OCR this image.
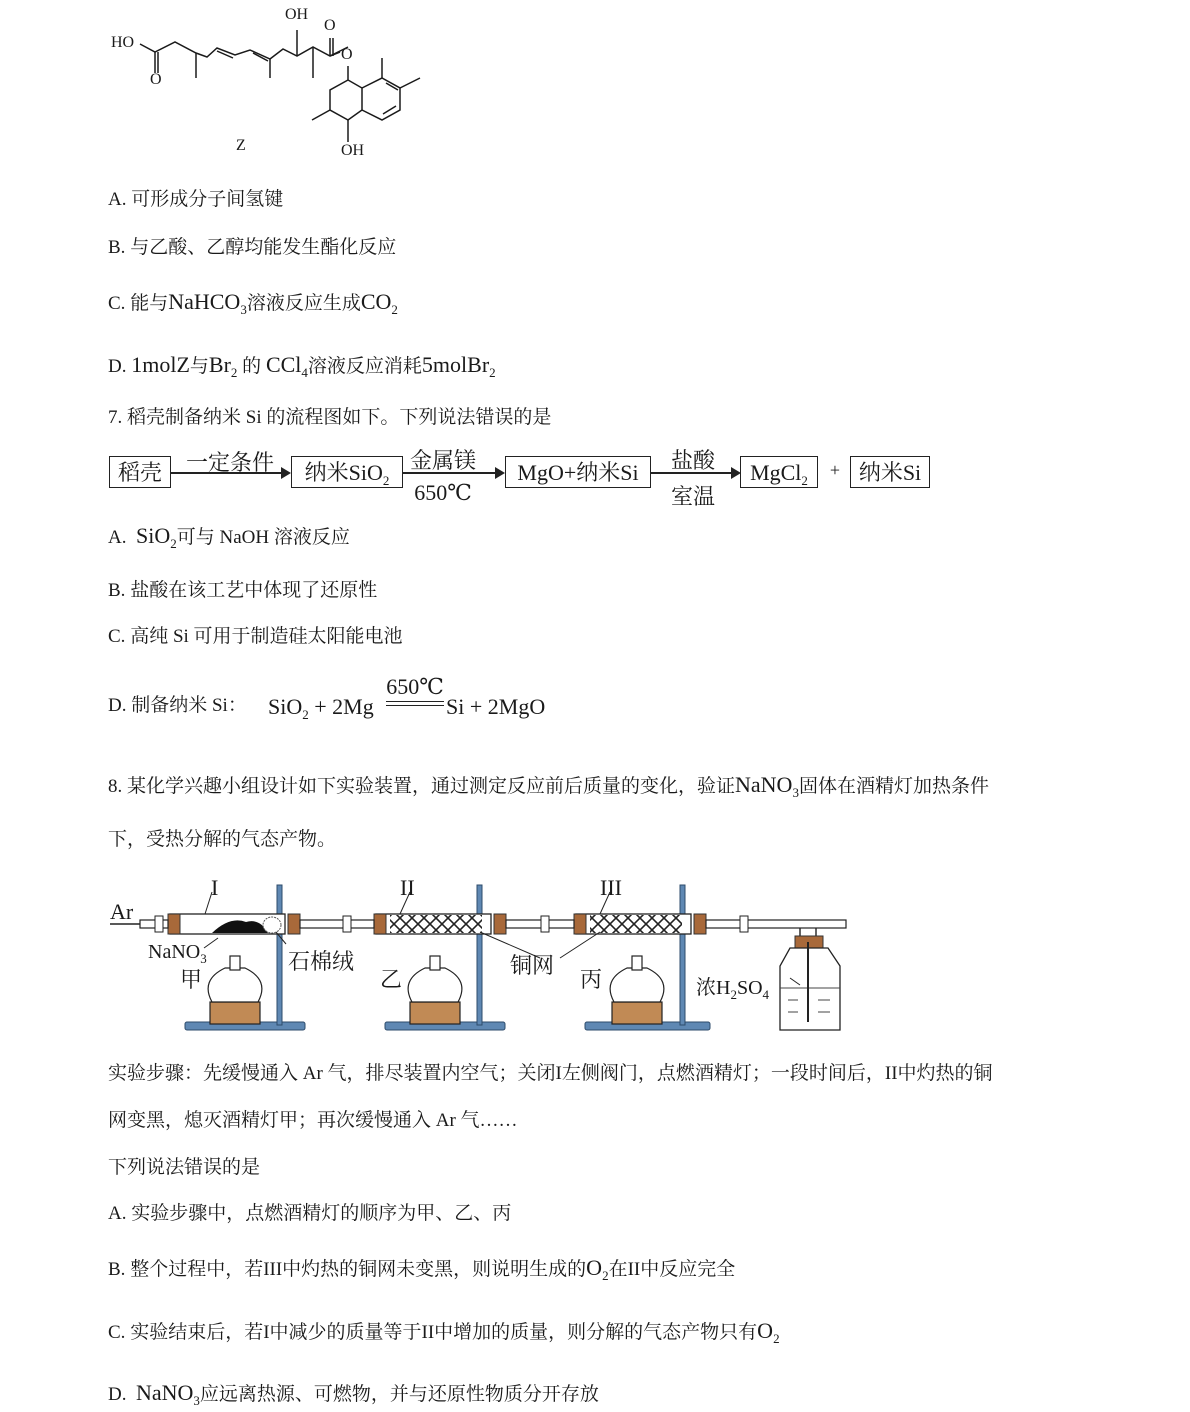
HO
OH
O
O
O
OH
Z
A. 可形成分子间氢键
B. 与乙酸、乙醇均能发生酯化反应
C. 能与NaHCO$_3$溶液反应生成$CO_2$
D. 1molZ与$Br_2$ 的 CCl$_4$溶液反应消耗5molBr$_2$
7. 稻壳制备纳米 Si 的流程图如下。下列说法错误的是
稻壳	一定条件	纳米SiO$_2$
金属镁
650℃
MgO+纳米Si	盐酸
室温
MgCl$_2$
+ 纳米Si
A. SiO$_2$可与 NaOH 溶液反应
B. 盐酸在该工艺中体现了还原性
C. 高纯 Si 可用于制造硅太阳能电池
D. 制备纳米 Si： SiO$_2$ + 2Mg
650℃
Si + 2MgO
8. 某化学兴趣小组设计如下实验装置，通过测定反应前后质量的变化，验证NaNO$_3$固体在酒精灯加热条件
下，受热分解的气态产物。
Ar
I	II	III
NaNO$_3$	石棉绒	铜网
甲	乙	丙	浓$H_2SO_4$
实验步骤：先缓慢通入 Ar 气，排尽装置内空气；关闭I左侧阀门，点燃酒精灯；一段时间后，II中灼热的铜
网变黑，熄灭酒精灯甲；再次缓慢通入 Ar 气……
下列说法错误的是
A. 实验步骤中，点燃酒精灯的顺序为甲、乙、丙
B. 整个过程中，若III中灼热的铜网未变黑，则说明生成的$O_2$在II中反应完全
C. 实验结束后，若I中减少的质量等于II中增加的质量，则分解的气态产物只有$O_2$
D. NaNO$_3$应远离热源、可燃物，并与还原性物质分开存放
